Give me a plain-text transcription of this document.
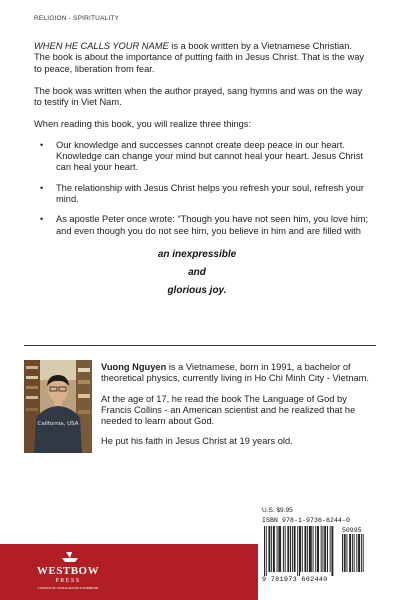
RELIGION - SPIRITUALITY

WHEN HE CALLS YOUR NAME is a book written by a Vietnamese Christian. The book is about the importance of putting faith in Jesus Christ. That is the way to peace, liberation from fear.

The book was written when the author prayed, sang hymns and was on the way to testify in Viet Nam.

When reading this book, you will realize three things:

• Our knowledge and successes cannot create deep peace in our heart. Knowledge can change your mind but cannot heal your heart. Jesus Christ can heal your heart.
• The relationship with Jesus Christ helps you refresh your soul, refresh your mind.
• As apostle Peter once wrote: “Though you have not seen him, you love him; and even though you do not see him, you believe in him and are filled with
an inexpressible
and
glorious joy.
California, USA

Vuong Nguyen is a Vietnamese, born in 1991, a bachelor of theoretical physics, currently living in Ho Chi Minh City - Vietnam.

At the age of 17, he read the book The Language of God by Francis Collins - an American scientist and he realized that he needed to learn about God.

He put his faith in Jesus Christ at 19 years old.

U.S. $9.95
ISBN 978-1-9736-6244-0
50995
9 781973 662440
WESTBOW
PRESS
A DIVISION OF THOMAS NELSON & ZONDERVAN
